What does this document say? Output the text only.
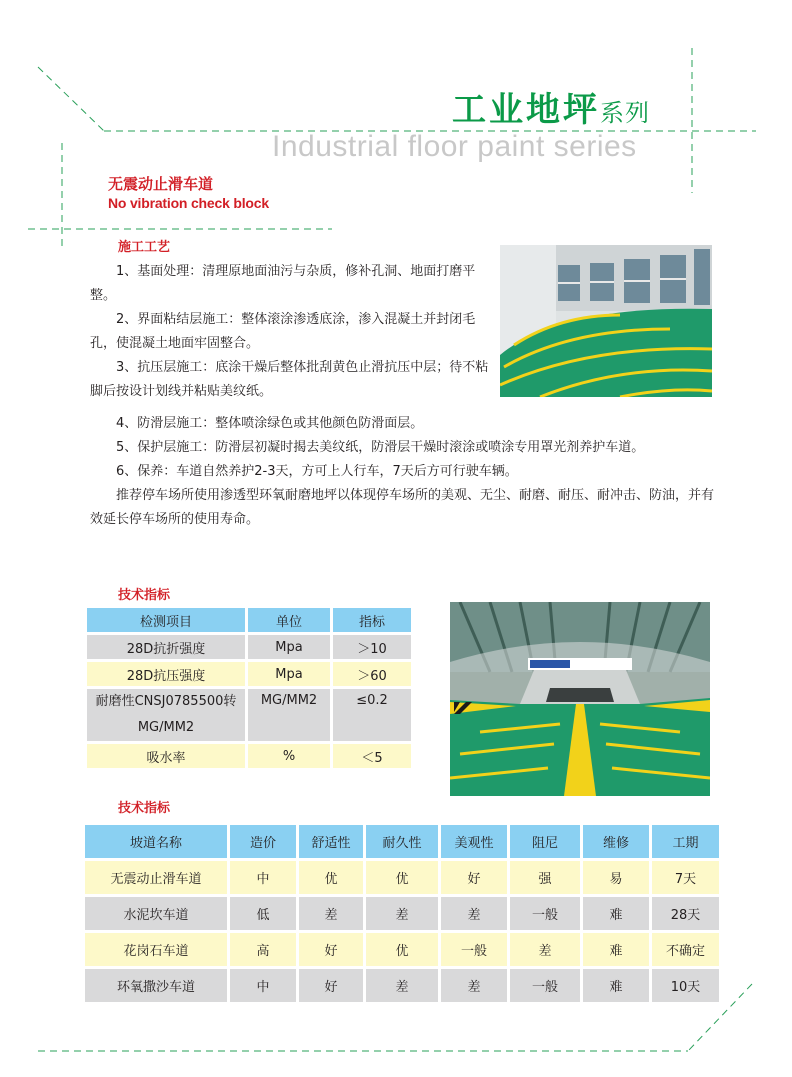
工业地坪系列
Industrial floor paint series
无震动止滑车道
No vibration check block
施工工艺

1、基面处理：清理原地面油污与杂质，修补孔洞、地面打磨平整。

2、界面粘结层施工：整体滚涂渗透底涂，渗入混凝土并封闭毛孔，使混凝土地面牢固整合。

3、抗压层施工：底涂干燥后整体批刮黄色止滑抗压中层；待不粘脚后按设计划线并粘贴美纹纸。

4、防滑层施工：整体喷涂绿色或其他颜色防滑面层。

5、保护层施工：防滑层初凝时揭去美纹纸，防滑层干燥时滚涂或喷涂专用罩光剂养护车道。

6、保养：车道自然养护2-3天，方可上人行车，7天后方可行驶车辆。

推荐停车场所使用渗透型环氧耐磨地坪以体现停车场所的美观、无尘、耐磨、耐压、耐冲击、防油，并有效延长停车场所的使用寿命。

技术指标
检测项目	单位	指标
28D抗折强度	Mpa	＞10
28D抗压强度	Mpa	＞60
耐磨性CNSJ0785500转MG/MM2	MG/MM2	≤0.2
吸水率	%	＜5
技术指标
坡道名称	造价	舒适性	耐久性	美观性	阻尼	维修	工期
无震动止滑车道	中	优	优	好	强	易	7天
水泥坎车道	低	差	差	差	一般	难	28天
花岗石车道	高	好	优	一般	差	难	不确定
环氧撒沙车道	中	好	差	差	一般	难	10天
